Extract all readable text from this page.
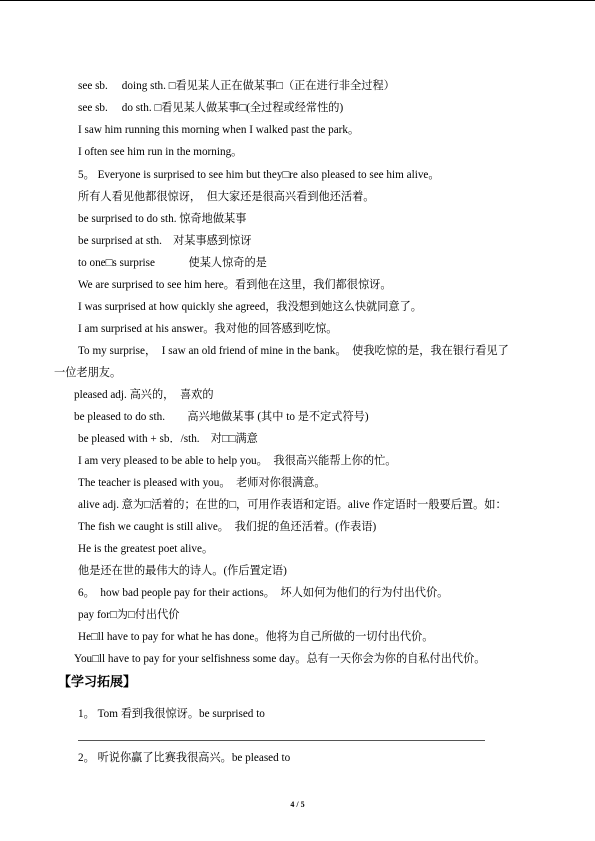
see sb.　 doing sth. □看见某人正在做某事□（正在进行非全过程）
see sb.　 do sth. □看见某人做某事□(全过程或经常性的)
I saw him running this morning when I walked past the park。
I often see him run in the morning。
5。 Everyone is surprised to see him but they□re also pleased to see him alive。
所有人看见他都很惊讶，　但大家还是很高兴看到他还活着。
be surprised to do sth. 惊奇地做某事
be surprised at sth.　对某事感到惊讶
to one□s surprise　　　使某人惊奇的是
We are surprised to see him here。看到他在这里，我们都很惊讶。
I was surprised at how quickly she agreed，我没想到她这么快就同意了。
I am surprised at his answer。我对他的回答感到吃惊。
To my surprise，　I saw an old friend of mine in the bank。　使我吃惊的是，我在银行看见了
一位老朋友。
pleased adj. 高兴的，　喜欢的
be pleased to do sth.　　高兴地做某事 (其中 to 是不定式符号)
be pleased with + sb．/sth.　对□□满意
I am very pleased to be able to help you。　我很高兴能帮上你的忙。
The teacher is pleased with you。　老师对你很满意。
alive adj. 意为□活着的；在世的□，可用作表语和定语。alive 作定语时一般要后置。如：
The fish we caught is still alive。　我们捉的鱼还活着。(作表语)
He is the greatest poet alive。
他是还在世的最伟大的诗人。(作后置定语)
6。　how bad people pay for their actions。　坏人如何为他们的行为付出代价。
pay for□为□付出代价
He□ll have to pay for what he has done。他将为自己所做的一切付出代价。
You□ll have to pay for your selfishness some day。总有一天你会为你的自私付出代价。
【学习拓展】
1。 Tom 看到我很惊讶。be surprised to
2。 听说你赢了比赛我很高兴。be pleased to
4 / 5
